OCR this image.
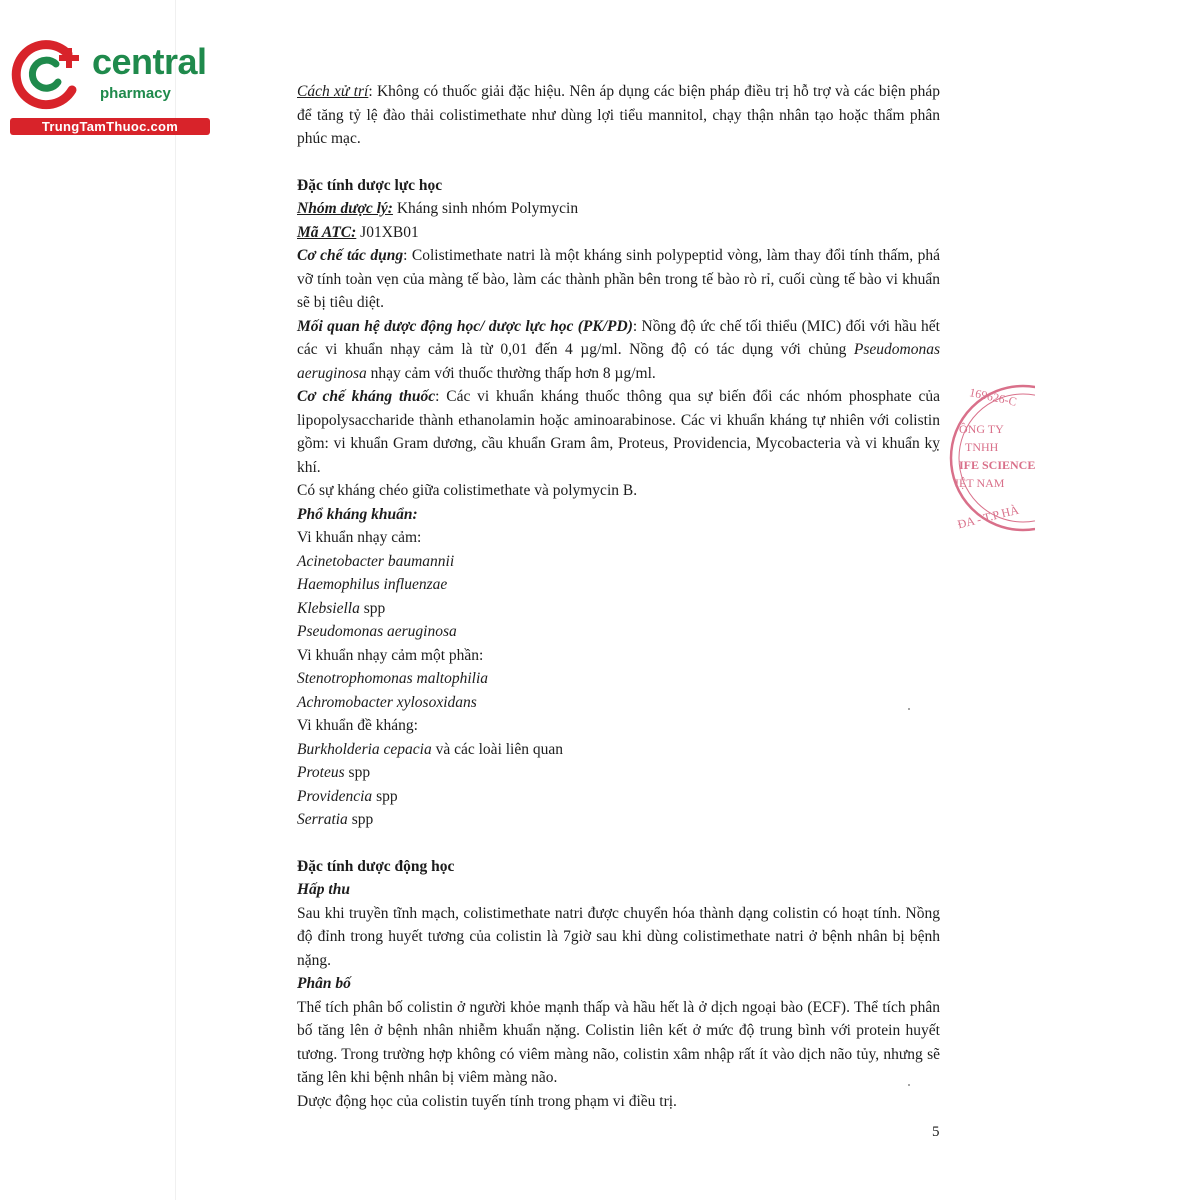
central
pharmacy
TrungTamThuoc.com

Cách xử trí: Không có thuốc giải đặc hiệu. Nên áp dụng các biện pháp điều trị hỗ trợ và các biện pháp để tăng tỷ lệ đào thải colistimethate như dùng lợi tiểu mannitol, chạy thận nhân tạo hoặc thẩm phân phúc mạc.

Đặc tính dược lực học

Nhóm dược lý: Kháng sinh nhóm Polymycin

Mã ATC: J01XB01

Cơ chế tác dụng: Colistimethate natri là một kháng sinh polypeptid vòng, làm thay đổi tính thấm, phá vỡ tính toàn vẹn của màng tế bào, làm các thành phần bên trong tế bào rò rỉ, cuối cùng tế bào vi khuẩn sẽ bị tiêu diệt.

Mối quan hệ dược động học/ dược lực học (PK/PD): Nồng độ ức chế tối thiểu (MIC) đối với hầu hết các vi khuẩn nhạy cảm là từ 0,01 đến 4 µg/ml. Nồng độ có tác dụng với chủng Pseudomonas aeruginosa nhạy cảm với thuốc thường thấp hơn 8 µg/ml.

Cơ chế kháng thuốc: Các vi khuẩn kháng thuốc thông qua sự biến đổi các nhóm phosphate của lipopolysaccharide thành ethanolamin hoặc aminoarabinose. Các vi khuẩn kháng tự nhiên với colistin gồm: vi khuẩn Gram dương, cầu khuẩn Gram âm, Proteus, Providencia, Mycobacteria và vi khuẩn kỵ khí.

Có sự kháng chéo giữa colistimethate và polymycin B.

Phổ kháng khuẩn:

Vi khuẩn nhạy cảm:

Acinetobacter baumannii

Haemophilus influenzae

Klebsiella spp

Pseudomonas aeruginosa

Vi khuẩn nhạy cảm một phần:

Stenotrophomonas maltophilia

Achromobacter xylosoxidans

Vi khuẩn đề kháng:

Burkholderia cepacia và các loài liên quan

Proteus spp

Providencia spp

Serratia spp

Đặc tính dược động học

Hấp thu

Sau khi truyền tĩnh mạch, colistimethate natri được chuyển hóa thành dạng colistin có hoạt tính. Nồng độ đỉnh trong huyết tương của colistin là 7giờ sau khi dùng colistimethate natri ở bệnh nhân bị bệnh nặng.

Phân bố

Thể tích phân bố colistin ở người khỏe mạnh thấp và hầu hết là ở dịch ngoại bào (ECF). Thể tích phân bố tăng lên ở bệnh nhân nhiễm khuẩn nặng. Colistin liên kết ở mức độ trung bình với protein huyết tương. Trong trường hợp không có viêm màng não, colistin xâm nhập rất ít vào dịch não tủy, nhưng sẽ tăng lên khi bệnh nhân bị viêm màng não.

Dược động học của colistin tuyến tính trong phạm vi điều trị.

169626-C
ÔNG TY
TNHH
IFE SCIENCE
IỆT NAM
ĐA - T.P HÀ
5
